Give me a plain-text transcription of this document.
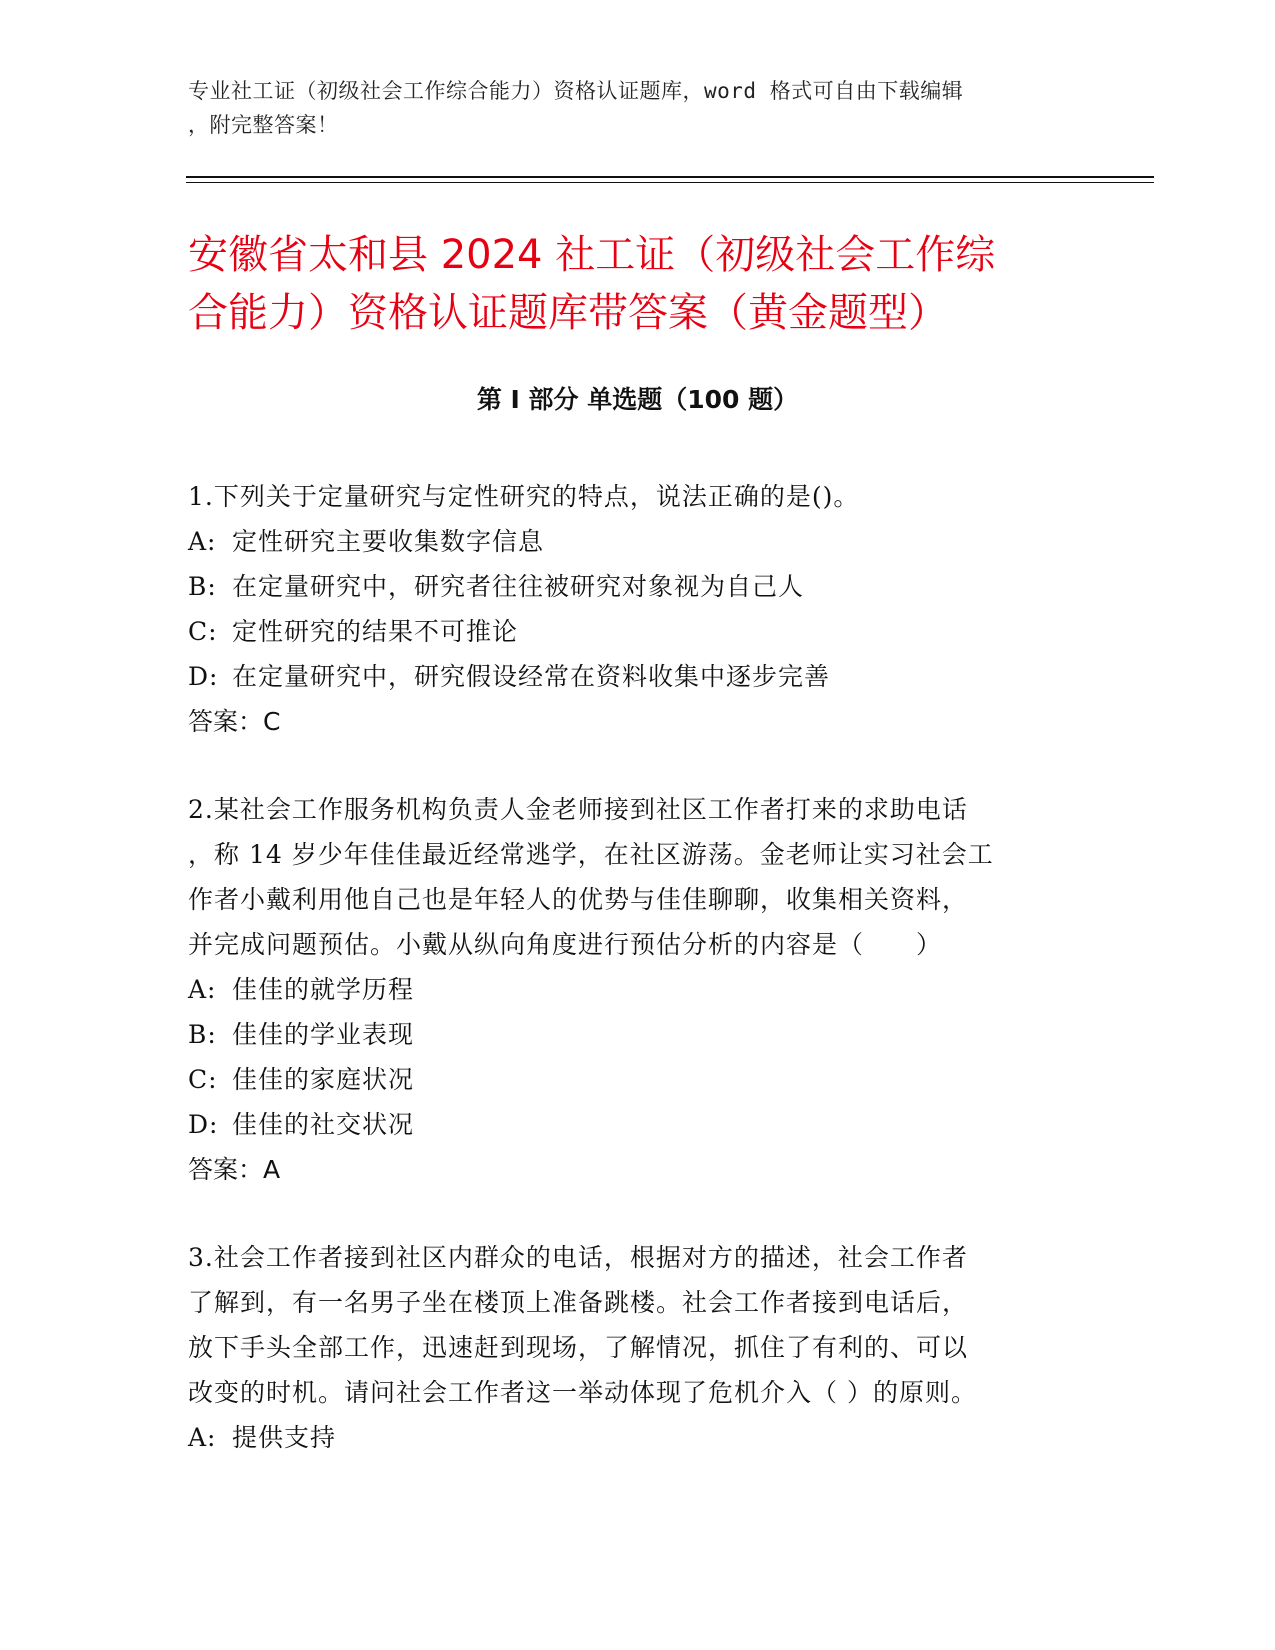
专业社工证（初级社会工作综合能力）资格认证题库，word 格式可自由下载编辑
，附完整答案！
安徽省太和县 2024 社工证（初级社会工作综
合能力）资格认证题库带答案（黄金题型）
第 I 部分 单选题（100 题）
1.下列关于定量研究与定性研究的特点，说法正确的是()。
A: 定性研究主要收集数字信息
B: 在定量研究中，研究者往往被研究对象视为自己人
C: 定性研究的结果不可推论
D: 在定量研究中，研究假设经常在资料收集中逐步完善
答案：C
2.某社会工作服务机构负责人金老师接到社区工作者打来的求助电话
，称 14 岁少年佳佳最近经常逃学，在社区游荡。金老师让实习社会工
作者小戴利用他自己也是年轻人的优势与佳佳聊聊，收集相关资料，
并完成问题预估。小戴从纵向角度进行预估分析的内容是（　　）
A: 佳佳的就学历程
B: 佳佳的学业表现
C: 佳佳的家庭状况
D: 佳佳的社交状况
答案：A
3.社会工作者接到社区内群众的电话，根据对方的描述，社会工作者
了解到，有一名男子坐在楼顶上准备跳楼。社会工作者接到电话后，
放下手头全部工作，迅速赶到现场，了解情况，抓住了有利的、可以
改变的时机。请问社会工作者这一举动体现了危机介入（ ）的原则。
A: 提供支持
